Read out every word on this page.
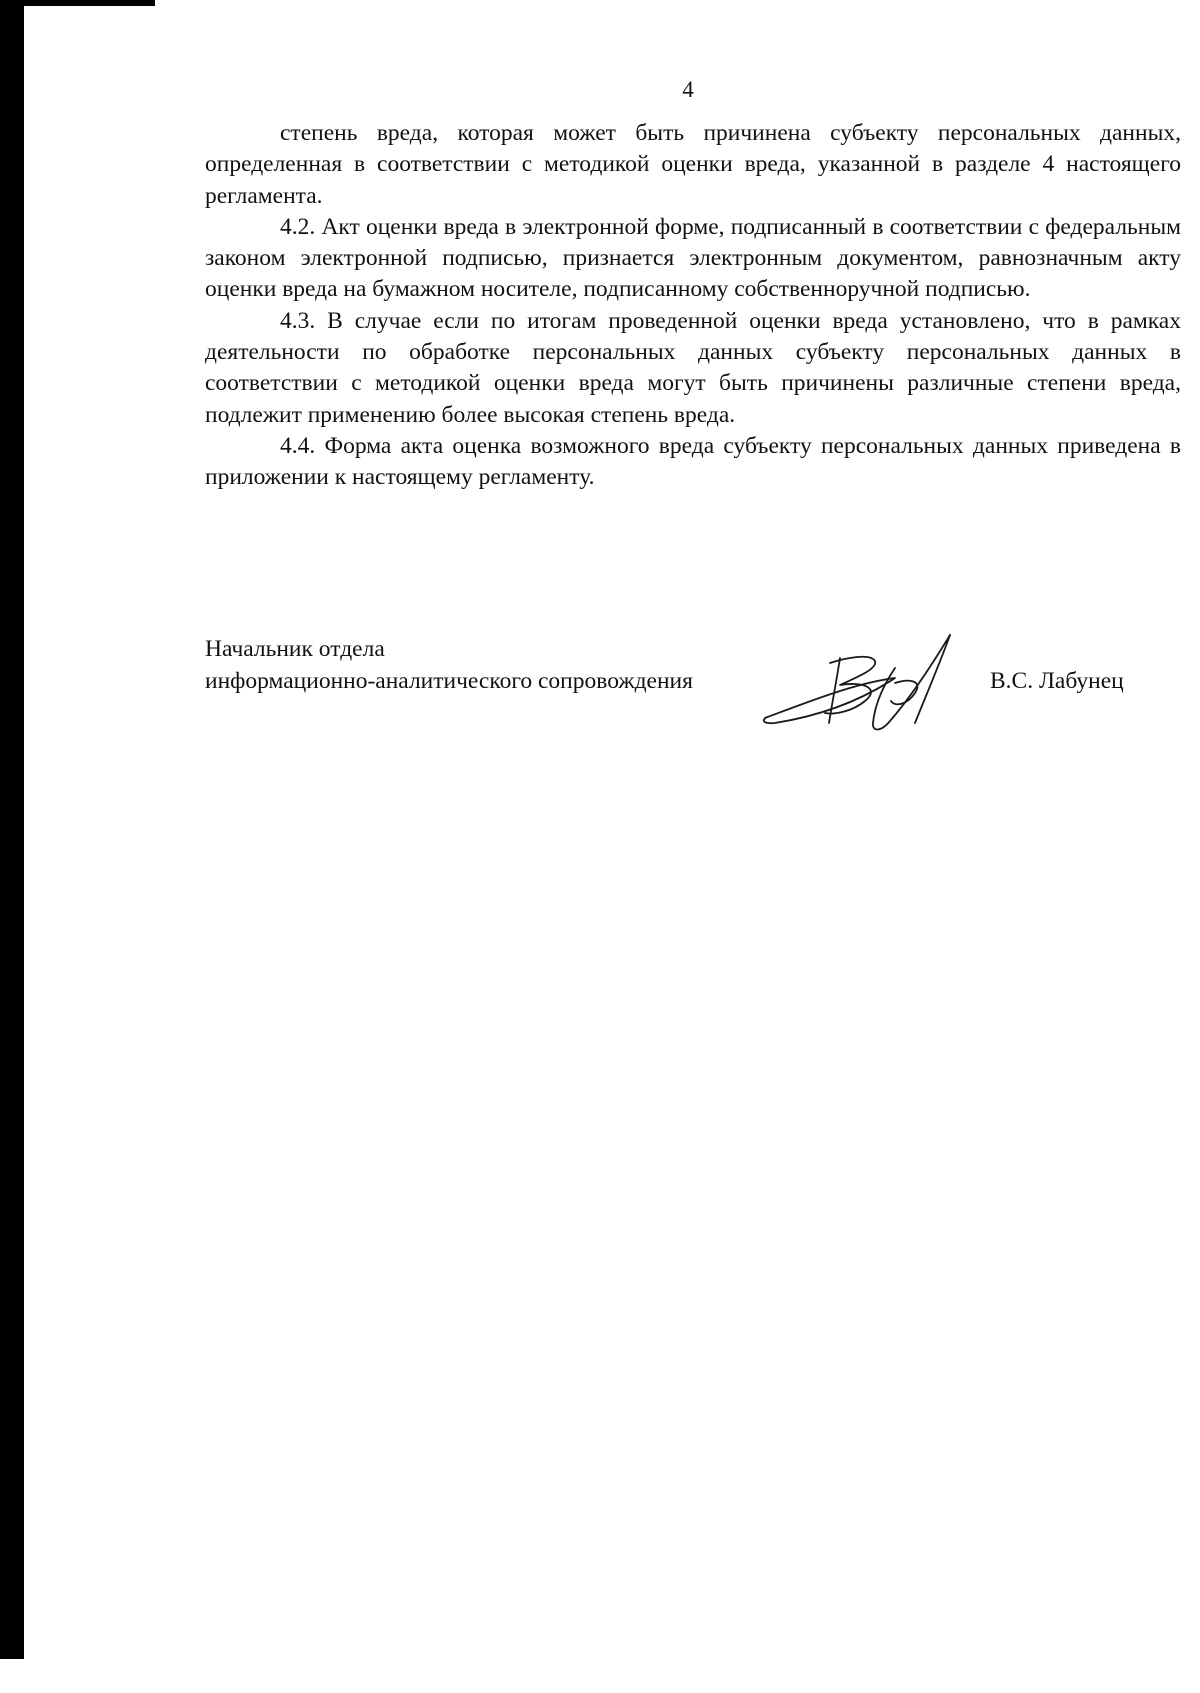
4

степень вреда, которая может быть причинена субъекту персональных данных, определенная в соответствии с методикой оценки вреда, указанной в разделе 4 настоящего регламента.

4.2. Акт оценки вреда в электронной форме, подписанный в соответствии с федеральным законом электронной подписью, признается электронным документом, равнозначным акту оценки вреда на бумажном носителе, подписанному собственноручной подписью.

4.3. В случае если по итогам проведенной оценки вреда установлено, что в рамках деятельности по обработке персональных данных субъекту персональных данных в соответствии с методикой оценки вреда могут быть причинены различные степени вреда, подлежит применению более высокая степень вреда.

4.4. Форма акта оценка возможного вреда субъекту персональных данных приведена в приложении к настоящему регламенту.

Начальник отдела
информационно-аналитического сопровождения	В.С. Лабунец
